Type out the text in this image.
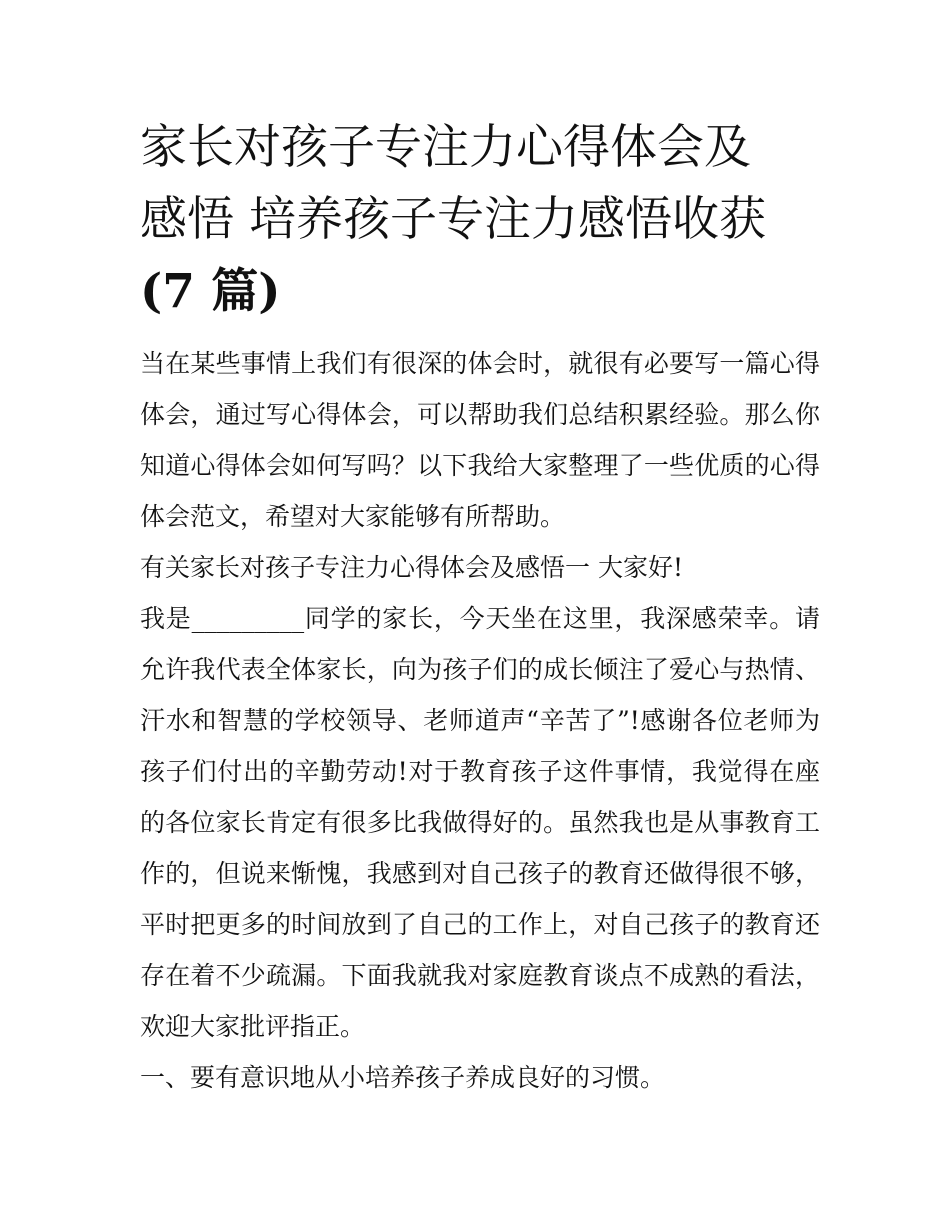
家长对孩子专注力心得体会及
感悟 培养孩子专注力感悟收获
(7 篇)

当在某些事情上我们有很深的体会时，就很有必要写一篇心得体会，通过写心得体会，可以帮助我们总结积累经验。那么你知道心得体会如何写吗？以下我给大家整理了一些优质的心得体会范文，希望对大家能够有所帮助。

有关家长对孩子专注力心得体会及感悟一 大家好!

我是_________同学的家长，今天坐在这里，我深感荣幸。请允许我代表全体家长，向为孩子们的成长倾注了爱心与热情、汗水和智慧的学校领导、老师道声“辛苦了”!感谢各位老师为孩子们付出的辛勤劳动!对于教育孩子这件事情，我觉得在座的各位家长肯定有很多比我做得好的。虽然我也是从事教育工作的，但说来惭愧，我感到对自己孩子的教育还做得很不够，平时把更多的时间放到了自己的工作上，对自己孩子的教育还存在着不少疏漏。下面我就我对家庭教育谈点不成熟的看法，欢迎大家批评指正。

一、要有意识地从小培养孩子养成良好的习惯。
